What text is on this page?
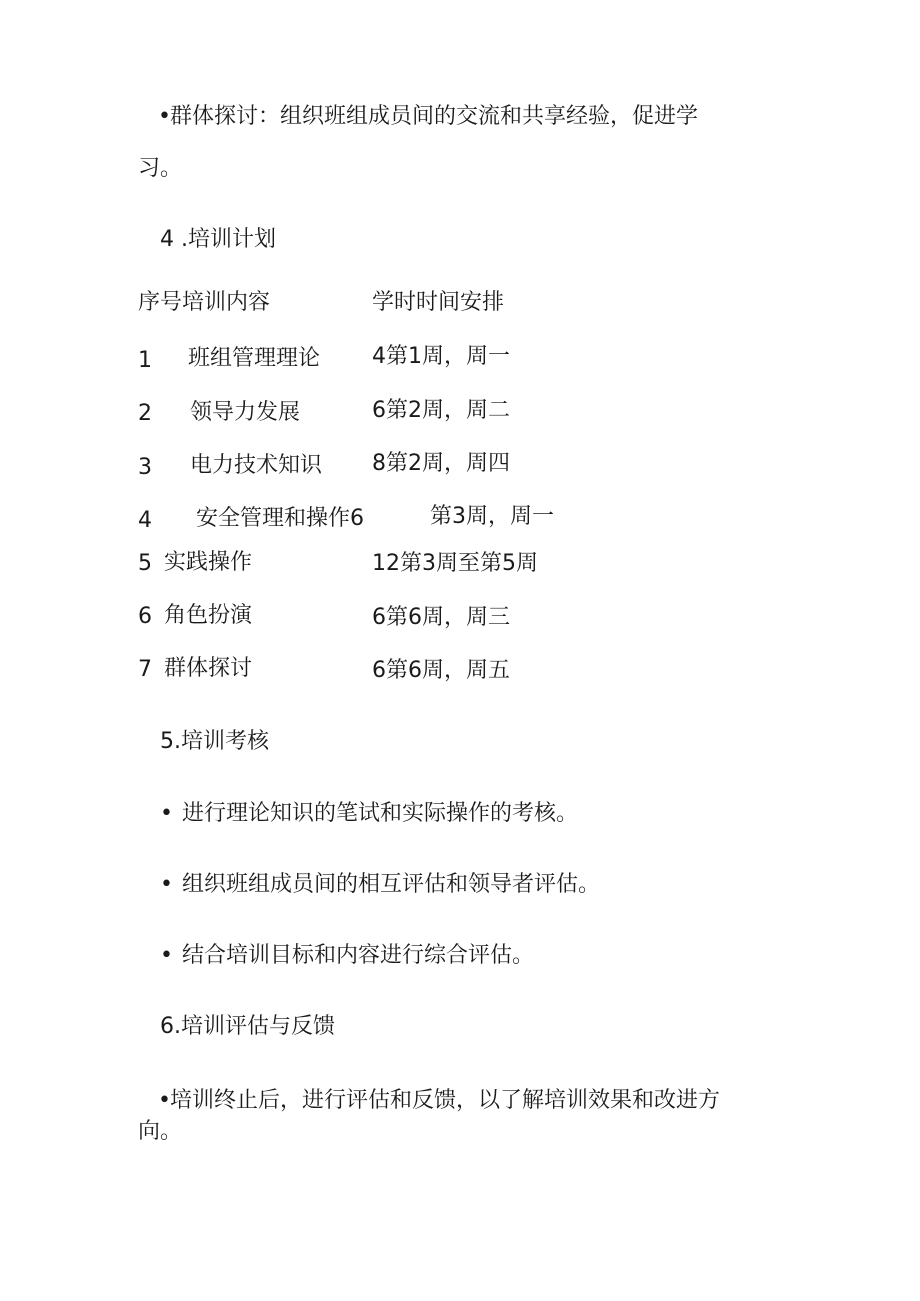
• 群体探讨：组织班组成员间的交流和共享经验，促进学
习。
4 .培训计划
序号培训内容	学时时间安排
1 班组管理理论 4第1周，周一
2 领导力发展	6第2周，周二
3 电力技术知识 8第2周，周四
4 安全管理和操作6	第3周，周一
5 实践操作	12第3周至第5周
6 角色扮演	6第6周，周三
7 群体探讨	6第6周，周五
5.培训考核
• 进行理论知识的笔试和实际操作的考核。
• 组织班组成员间的相互评估和领导者评估。
• 结合培训目标和内容进行综合评估。
6.培训评估与反馈
• 培训终止后，进行评估和反馈，以了解培训效果和改进方
向。
